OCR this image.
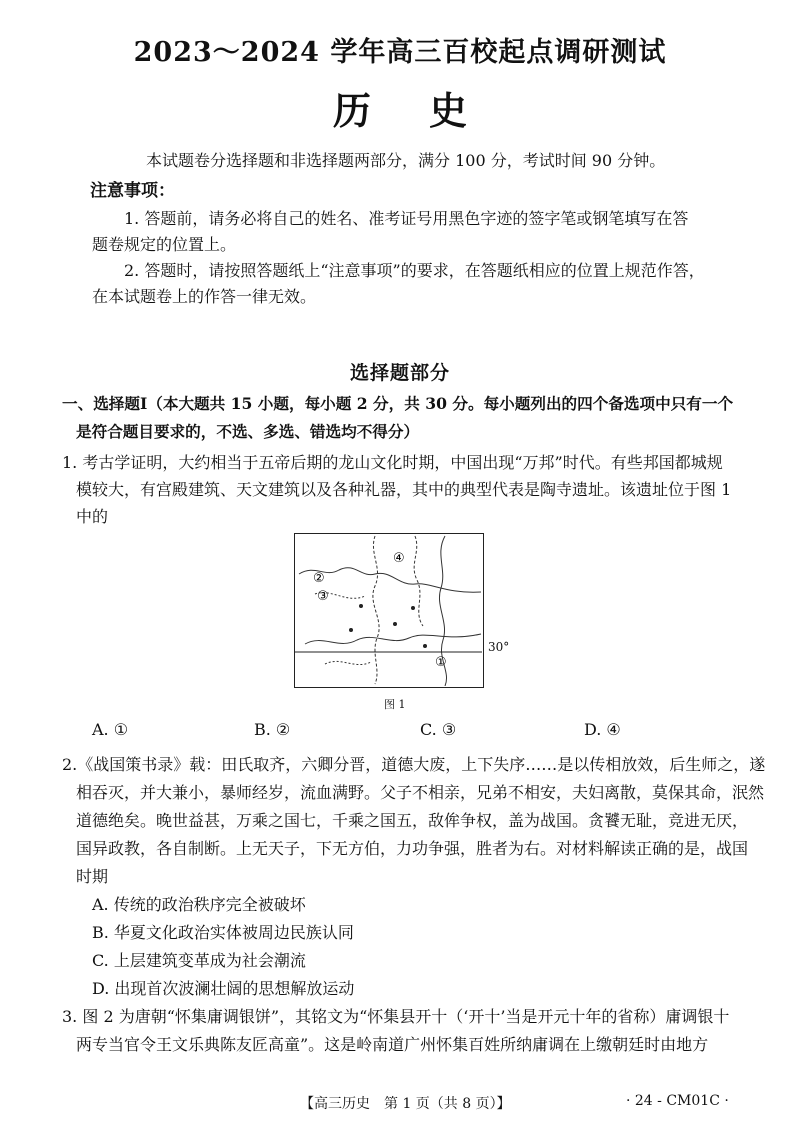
2023～2024 学年高三百校起点调研测试
历史
本试题卷分选择题和非选择题两部分，满分 100 分，考试时间 90 分钟。
注意事项：
1. 答题前，请务必将自己的姓名、准考证号用黑色字迹的签字笔或钢笔填写在答
题卷规定的位置上。
2. 答题时，请按照答题纸上“注意事项”的要求，在答题纸相应的位置上规范作答，
在本试题卷上的作答一律无效。
选择题部分
一、选择题Ⅰ（本大题共 15 小题，每小题 2 分，共 30 分。每小题列出的四个备选项中只有一个
是符合题目要求的，不选、多选、错选均不得分）
1. 考古学证明，大约相当于五帝后期的龙山文化时期，中国出现“万邦”时代。有些邦国都城规
模较大，有宫殿建筑、天文建筑以及各种礼器，其中的典型代表是陶寺遗址。该遗址位于图 1
中的
④
②
③
①
30°
图 1
A. ①	B. ②	C. ③	D. ④
2.《战国策书录》载：田氏取齐，六卿分晋，道德大废，上下失序……是以传相放效，后生师之，遂
相吞灭，并大兼小，暴师经岁，流血满野。父子不相亲，兄弟不相安，夫妇离散，莫保其命，泯然
道德绝矣。晚世益甚，万乘之国七，千乘之国五，敌侔争权，盖为战国。贪饕无耻，竞进无厌，
国异政教，各自制断。上无天子，下无方伯，力功争强，胜者为右。对材料解读正确的是，战国
时期
A. 传统的政治秩序完全被破坏
B. 华夏文化政治实体被周边民族认同
C. 上层建筑变革成为社会潮流
D. 出现首次波澜壮阔的思想解放运动
3. 图 2 为唐朝“怀集庸调银饼”，其铭文为“怀集县开十（‘开十’当是开元十年的省称）庸调银十
两专当官令王文乐典陈友匠高童”。这是岭南道广州怀集百姓所纳庸调在上缴朝廷时由地方
【高三历史　第 1 页（共 8 页）】	· 24 - CM01C ·
